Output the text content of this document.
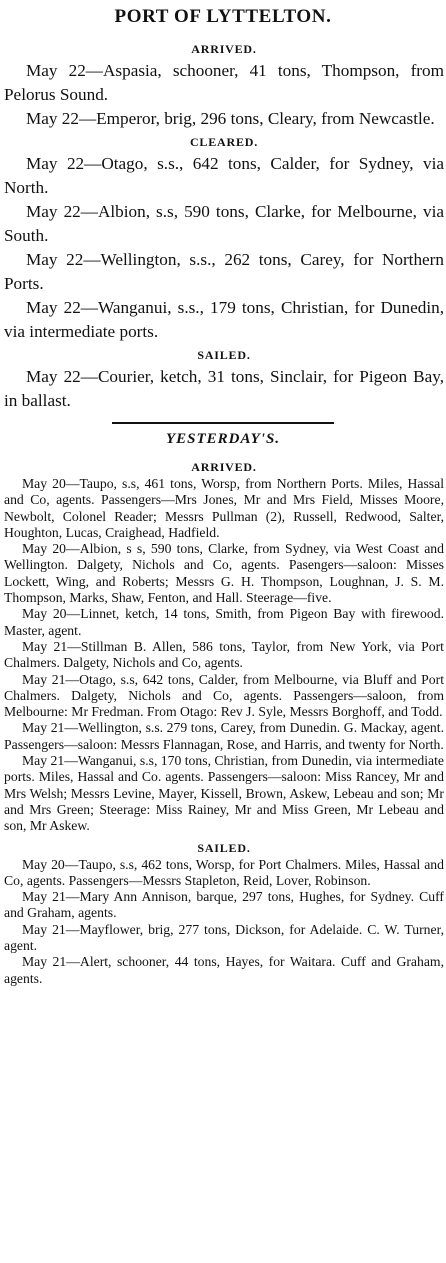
PORT OF LYTTELTON.
ARRIVED.

May 22—Aspasia, schooner, 41 tons, Thompson, from Pelorus Sound.

May 22—Emperor, brig, 296 tons, Cleary, from Newcastle.

CLEARED.

May 22—Otago, s.s., 642 tons, Calder, for Sydney, via North.

May 22—Albion, s.s, 590 tons, Clarke, for Melbourne, via South.

May 22—Wellington, s.s., 262 tons, Carey, for Northern Ports.

May 22—Wanganui, s.s., 179 tons, Christian, for Dunedin, via intermediate ports.

SAILED.

May 22—Courier, ketch, 31 tons, Sinclair, for Pigeon Bay, in ballast.

YESTERDAY'S.
ARRIVED.

May 20—Taupo, s.s, 461 tons, Worsp, from Northern Ports. Miles, Hassal and Co, agents. Passengers—Mrs Jones, Mr and Mrs Field, Misses Moore, Newbolt, Colonel Reader; Messrs Pullman (2), Russell, Redwood, Salter, Houghton, Lucas, Craighead, Hadfield.

May 20—Albion, s s, 590 tons, Clarke, from Sydney, via West Coast and Wellington. Dalgety, Nichols and Co, agents. Pasengers—saloon: Misses Lockett, Wing, and Roberts; Messrs G. H. Thompson, Loughnan, J. S. M. Thompson, Marks, Shaw, Fenton, and Hall. Steerage—five.

May 20—Linnet, ketch, 14 tons, Smith, from Pigeon Bay with firewood. Master, agent.

May 21—Stillman B. Allen, 586 tons, Taylor, from New York, via Port Chalmers. Dalgety, Nichols and Co, agents.

May 21—Otago, s.s, 642 tons, Calder, from Melbourne, via Bluff and Port Chalmers. Dalgety, Nichols and Co, agents. Passengers—saloon, from Melbourne: Mr Fredman. From Otago: Rev J. Syle, Messrs Borghoff, and Todd.

May 21—Wellington, s.s. 279 tons, Carey, from Dunedin. G. Mackay, agent. Passengers—saloon: Messrs Flannagan, Rose, and Harris, and twenty for North.

May 21—Wanganui, s.s, 170 tons, Christian, from Dunedin, via intermediate ports. Miles, Hassal and Co. agents. Passengers—saloon: Miss Rancey, Mr and Mrs Welsh; Messrs Levine, Mayer, Kissell, Brown, Askew, Lebeau and son; Mr and Mrs Green; Steerage: Miss Rainey, Mr and Miss Green, Mr Lebeau and son, Mr Askew.

SAILED.

May 20—Taupo, s.s, 462 tons, Worsp, for Port Chalmers. Miles, Hassal and Co, agents. Passengers—Messrs Stapleton, Reid, Lover, Robinson.

May 21—Mary Ann Annison, barque, 297 tons, Hughes, for Sydney. Cuff and Graham, agents.

May 21—Mayflower, brig, 277 tons, Dickson, for Adelaide. C. W. Turner, agent.

May 21—Alert, schooner, 44 tons, Hayes, for Waitara. Cuff and Graham, agents.
